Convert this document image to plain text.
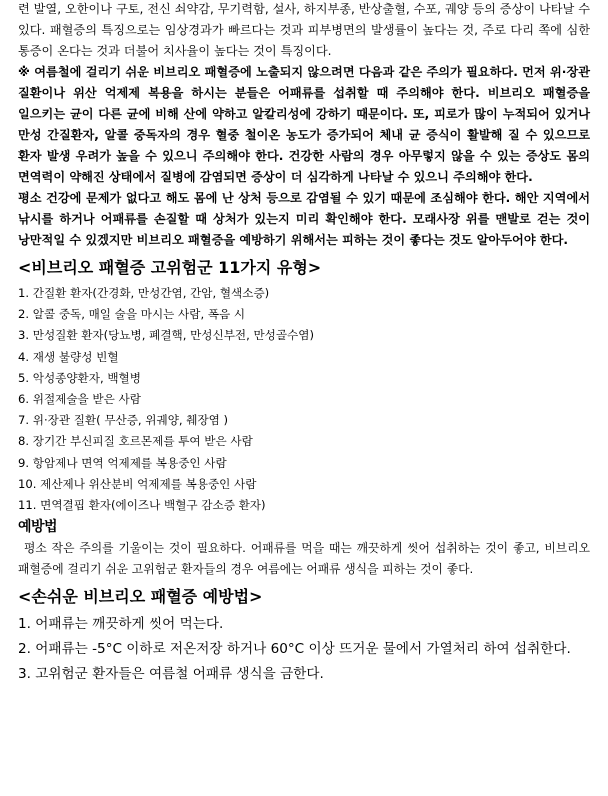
련 발열, 오한이나 구토, 전신 쇠약감, 무기력함, 설사, 하지부종, 반상출혈, 수포, 궤양 등의 증상이 나타날 수 있다. 패혈증의 특징으로는 임상경과가 빠르다는 것과 피부병면의 발생률이 높다는 것, 주로 다리 쪽에 심한 통증이 온다는 것과 더불어 치사율이 높다는 것이 특징이다.

※ 여름철에 걸리기 쉬운 비브리오 패혈증에 노출되지 않으려면 다음과 같은 주의가 필요하다. 먼저 위·장관 질환이나 위산 억제제 복용을 하시는 분들은 어패류를 섭취할 때 주의해야 한다. 비브리오 패혈증을 일으키는 균이 다른 균에 비해 산에 약하고 알칼리성에 강하기 때문이다. 또, 피로가 많이 누적되어 있거나 만성 간질환자, 알콜 중독자의 경우 혈중 철이온 농도가 증가되어 체내 균 증식이 활발해 질 수 있으므로 환자 발생 우려가 높을 수 있으니 주의해야 한다. 건강한 사람의 경우 아무렇지 않을 수 있는 증상도 몸의 면역력이 약해진 상태에서 질병에 감염되면 증상이 더 심각하게 나타날 수 있으니 주의해야 한다.

평소 건강에 문제가 없다고 해도 몸에 난 상처 등으로 감염될 수 있기 때문에 조심해야 한다. 해안 지역에서 낚시를 하거나 어패류를 손질할 때 상처가 있는지 미리 확인해야 한다. 모래사장 위를 맨발로 걷는 것이 낭만적일 수 있겠지만 비브리오 패혈증을 예방하기 위해서는 피하는 것이 좋다는 것도 알아두어야 한다.

<비브리오 패혈증 고위험군 11가지 유형>
1. 간질환 환자(간경화, 만성간염, 간암, 혈색소증)
2. 알콜 중독, 매일 술을 마시는 사람, 폭음 시
3. 만성질환 환자(당뇨병, 폐결핵, 만성신부전, 만성골수염)
4. 재생 불량성 빈혈
5. 악성종양환자, 백혈병
6. 위절제술을 받은 사람
7. 위·장관 질환( 무산증, 위궤양, 췌장염 )
8. 장기간 부신피질 호르몬제를 투여 받은 사람
9. 항암제나 면역 억제제를 복용중인 사람
10. 제산제나 위산분비 억제제를 복용중인 사람
11. 면역결핍 환자(에이즈나 백혈구 감소증 환자)
예방법

평소 작은 주의를 기울이는 것이 필요하다. 어패류를 먹을 때는 깨끗하게 씻어 섭취하는 것이 좋고, 비브리오 패혈증에 걸리기 쉬운 고위험군 환자들의 경우 여름에는 어패류 생식을 피하는 것이 좋다.

<손쉬운 비브리오 패혈증 예방법>
1. 어패류는 깨끗하게 씻어 먹는다.
2. 어패류는 -5°C 이하로 저온저장 하거나 60°C 이상 뜨거운 물에서 가열처리 하여 섭취한다.
3. 고위험군 환자들은 여름철 어패류 생식을 금한다.
